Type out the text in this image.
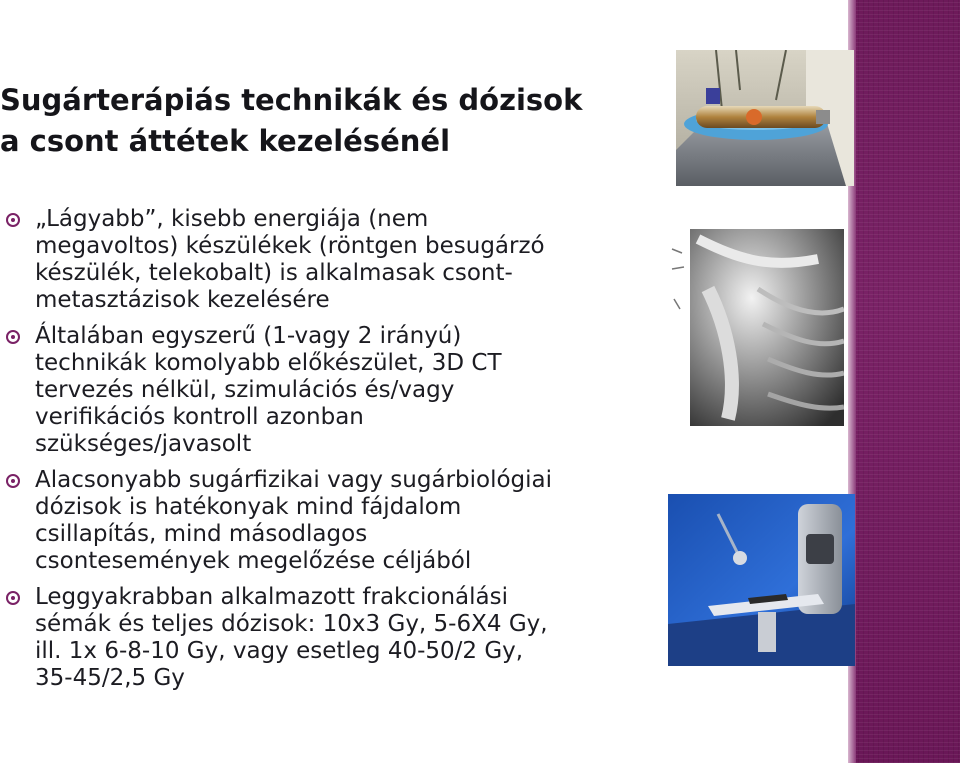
Sugárterápiás technikák és dózisok
a csont áttétek kezelésénél
„Lágyabb”, kisebb energiája (nem
megavoltos) készülékek (röntgen besugárzó
készülék, telekobalt) is alkalmasak csont-
metasztázisok kezelésére
Általában egyszerű (1-vagy 2 irányú)
technikák komolyabb előkészület, 3D CT
tervezés nélkül, szimulációs és/vagy
verifikációs kontroll azonban
szükséges/javasolt
Alacsonyabb sugárfizikai vagy sugárbiológiai
dózisok is hatékonyak mind fájdalom
csillapítás, mind másodlagos
csontesemények megelőzése céljából
Leggyakrabban alkalmazott frakcionálási
sémák és teljes dózisok: 10x3 Gy, 5-6X4 Gy,
ill. 1x 6-8-10 Gy, vagy esetleg 40-50/2 Gy,
35-45/2,5 Gy
